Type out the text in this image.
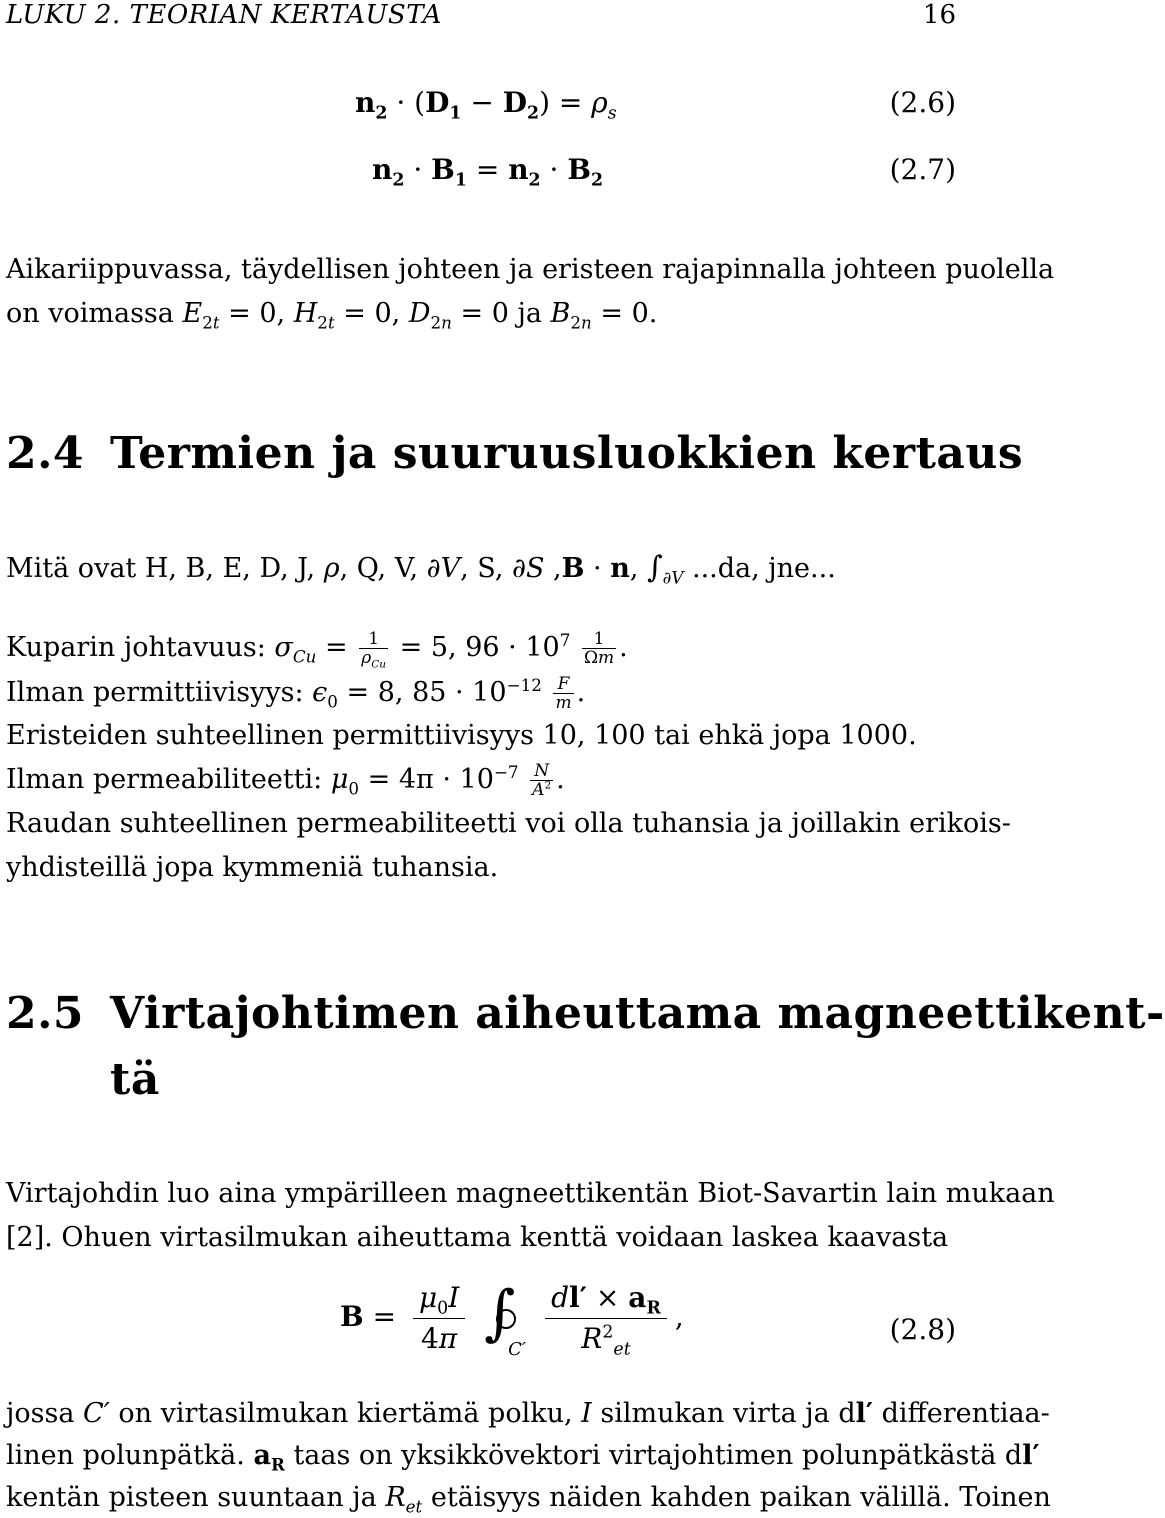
LUKU 2. TEORIAN KERTAUSTA	16
$n_2 \cdot (D_1 - D_2) = \rho_s$	(2.6)
$n_2 \cdot B_1 = n_2 \cdot B_2$	(2.7)
Aikariippuvassa, täydellisen johteen ja eristeen rajapinnalla johteen puolella
on voimassa $E_{2t} = 0$, $H_{2t} = 0$, $D_{2n} = 0$ ja $B_{2n} = 0$.
2.4 Termien ja suuruusluokkien kertaus
Mitä ovat H, B, E, D, J, ρ, Q, V, ∂V, S, ∂S ,B · n, $\int_{\partial V}$ ...da, jne...
Kuparin johtavuus: $\sigma_{Cu} = \frac{1}{\rho_{Cu}} = 5$, $96 \cdot 10^7 \frac{1}{\Omega m}$ .
Ilman permittiivisyys: $\epsilon_0 = 8$, $85 \cdot 10^{-12} \frac{F}{m}$ .
Eristeiden suhteellinen permittiivisyys 10, 100 tai ehkä jopa 1000.
Ilman permeabiliteetti: $\mu_0 = 4\pi \cdot 10^{-7} \frac{N}{A^2}$ .
Raudan suhteellinen permeabiliteetti voi olla tuhansia ja joillakin erikois-
yhdisteillä jopa kymmeniä tuhansia.
2.5 Virtajohtimen aiheuttama magneettikent-
tä
Virtajohdin luo aina ympärilleen magneettikentän Biot-Savartin lain mukaan
[2]. Ohuen virtasilmukan aiheuttama kenttä voidaan laskea kaavasta
$B = \frac{\mu_0I}{4\pi}$
∫
C′
$\frac{dl' \times a_R}{R^2_{et}}$ ,	(2.8)
jossa C′ on virtasilmukan kiertämä polku, I silmukan virta ja dl′ differentiaa-
linen polunpätkä. $a_R$ taas on yksikkövektori virtajohtimen polunpätkästä dl′
kentän pisteen suuntaan ja $R_{et}$ etäisyys näiden kahden paikan välillä. Toinen
